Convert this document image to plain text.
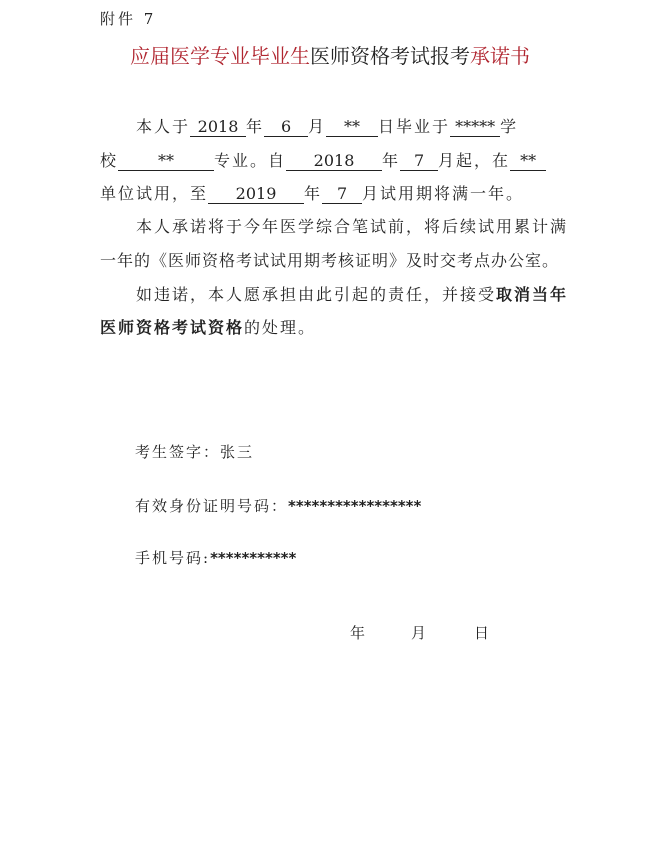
附件 7
应届医学专业毕业生医师资格考试报考承诺书
本人于 2018 年 6 月 ** 日毕业于 ***** 学
校	**	专业。自 2018 年 7 月起，在 **
单位试用，至 2019 年 7 月试用期将满一年。
本人承诺将于今年医学综合笔试前，将后续试用累计满
一年的《医师资格考试试用期考核证明》及时交考点办公室。
如违诺，本人愿承担由此引起的责任，并接受取消当年
医师资格考试资格的处理。
考生签字：张三
有效身份证明号码：*****************
手机号码:***********
年	月	日
